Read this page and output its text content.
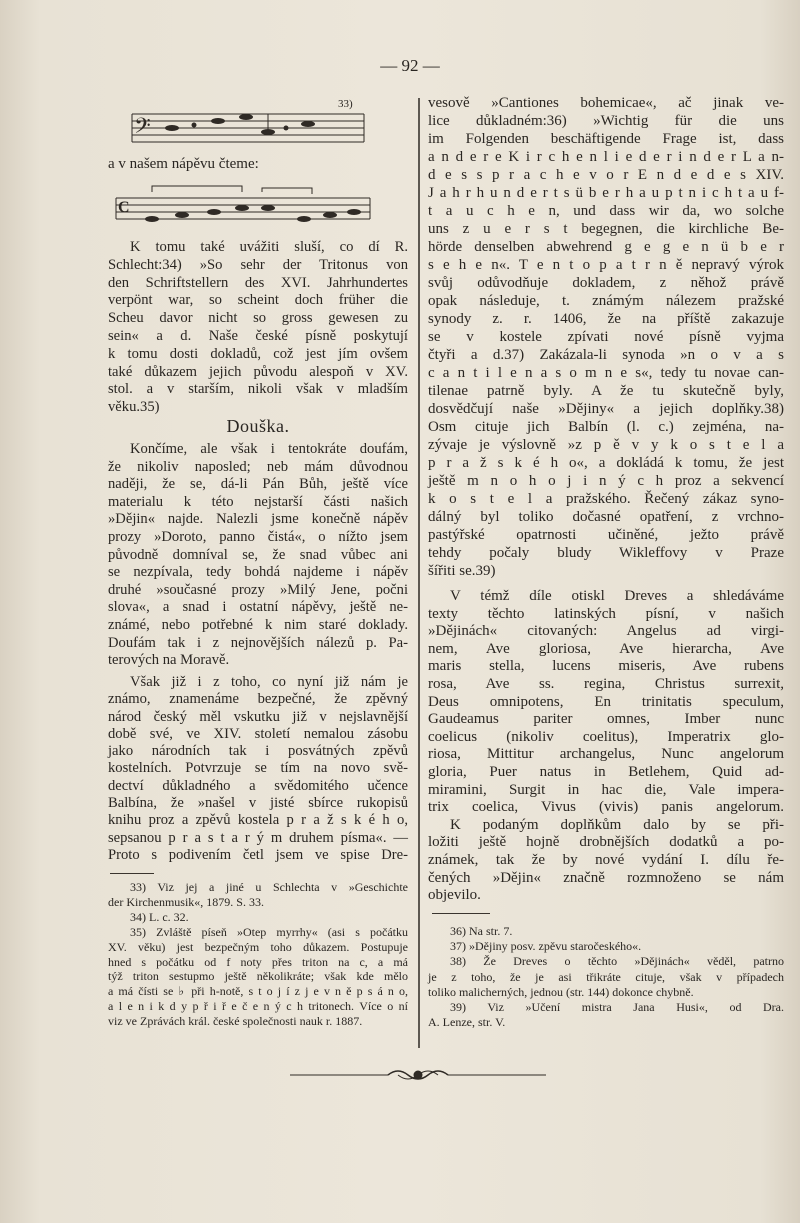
— 92 —
𝄢
33)
a v našem nápěvu čteme:
C
K tomu také uvážiti sluší, co dí R.
Schlecht:34) »So sehr der Tritonus von
den Schriftstellern des XVI. Jahrhundertes
verpönt war, so scheint doch früher die
Scheu davor nicht so gross gewesen zu
sein« a d. Naše české písně poskytují
k tomu dosti dokladů, což jest jím ovšem
také důkazem jejich původu alespoň v XV.
stol. a v starším, nikoli však v mladším
věku.35)
Douška.
Končíme, ale však i tentokráte doufám,
že nikoliv naposled; neb mám důvodnou
naději, že se, dá-li Pán Bůh, ještě více
materialu k této nejstarší části našich
»Dějin« najde. Nalezli jsme konečně nápěv
prozy »Doroto, panno čistá«, o nížto jsem
původně domníval se, že snad vůbec ani
se nezpívala, tedy bohdá najdeme i nápěv
druhé »současné prozy »Milý Jene, počni
slova«, a snad i ostatní nápěvy, ještě ne-
známé, nebo potřebné k nim staré doklady.
Doufám tak i z nejnovějších nálezů p. Pa-
terových na Moravě.
Však již i z toho, co nyní již nám je
známo, znamenáme bezpečné, že zpěvný
národ český měl vskutku již v nejslavnější
době své, ve XIV. století nemalou zásobu
jako národních tak i posvátných zpěvů
kostelních. Potvrzuje se tím na novo svě-
dectví důkladného a svědomitého učence
Balbína, že »našel v jisté sbírce rukopisů
knihu proz a zpěvů kostela p r a ž s k é h o,
sepsanou p r a s t a r ý m druhem písma«. —
Proto s podivením četl jsem ve spise Dre-
33) Viz jej a jiné u Schlechta v »Geschichte
der Kirchenmusik«, 1879. S. 33.
34) L. c. 32.
35) Zvláště píseň »Otep myrrhy« (asi s počátku
XV. věku) jest bezpečným toho důkazem. Postupuje
hned s počátku od f noty přes triton na c, a má
týž triton sestupmo ještě několikráte; však kde mělo
a má čísti se ♭ při h-notě, s t o j í z j e v n ě p s á n o,
a l e n i k d y p ř i ř e č e n ý c h tritonech. Více o ní
viz ve Zprávách král. české společnosti nauk r. 1887.
vesově »Cantiones bohemicae«, ač jinak ve-
lice důkladném:36) »Wichtig für die uns
im Folgenden beschäftigende Frage ist, dass
a n d e r e K i r c h e n l i e d e r i n d e r L a n-
d e s s p r a c h e v o r E n d e d e s XIV.
J a h r h u n d e r t s ü b e r h a u p t n i c h t a u f-
t a u c h e n, und dass wir da, wo solche
uns z u e r s t begegnen, die kirchliche Be-
hörde denselben abwehrend g e g e n ü b e r
s e h e n«. T e n t o p a t r n ě nepravý výrok
svůj odůvodňuje dokladem, z něhož právě
opak následuje, t. známým nálezem pražské
synody z. r. 1406, že na příště zakazuje
se v kostele zpívati nové písně vyjma
čtyři a d.37) Zakázala-li synoda »n o v a s
c a n t i l e n a s o m n e s«, tedy tu novae can-
tilenae patrně byly. A že tu skutečně byly,
dosvědčují naše »Dějiny« a jejich doplňky.38)
Osm cituje jich Balbín (l. c.) zejména, na-
zývaje je výslovně »z p ě v y k o s t e l a
p r a ž s k é h o«, a dokládá k tomu, že jest
ještě m n o h o j i n ý c h proz a sekvencí
k o s t e l a pražského. Řečený zákaz syno-
dálný byl toliko dočasné opatření, z vrchno-
pastýřské opatrnosti učiněné, ježto právě
tehdy počaly bludy Wikleffovy v Praze
šířiti se.39)
V témž díle otiskl Dreves a shledáváme
texty těchto latinských písní, v našich
»Dějinách« citovaných: Angelus ad virgi-
nem, Ave gloriosa, Ave hierarcha, Ave
maris stella, lucens miseris, Ave rubens
rosa, Ave ss. regina, Christus surrexit,
Deus omnipotens, En trinitatis speculum,
Gaudeamus pariter omnes, Imber nunc
coelicus (nikoliv coelitus), Imperatrix glo-
riosa, Mittitur archangelus, Nunc angelorum
gloria, Puer natus in Betlehem, Quid ad-
miramini, Surgit in hac die, Vale impera-
trix coelica, Vivus (vivis) panis angelorum.
K podaným doplňkům dalo by se při-
ložiti ještě hojně drobnějších dodatků a po-
známek, tak že by nové vydání I. dílu ře-
čených »Dějin« značně rozmnoženo se nám
objevilo.
36) Na str. 7.
37) »Dějiny posv. zpěvu staročeského«.
38) Že Dreves o těchto »Dějinách« věděl, patrno
je z toho, že je asi třikráte cituje, však v případech
toliko malicherných, jednou (str. 144) dokonce chybně.
39) Viz »Učení mistra Jana Husi«, od Dra.
A. Lenze, str. V.
